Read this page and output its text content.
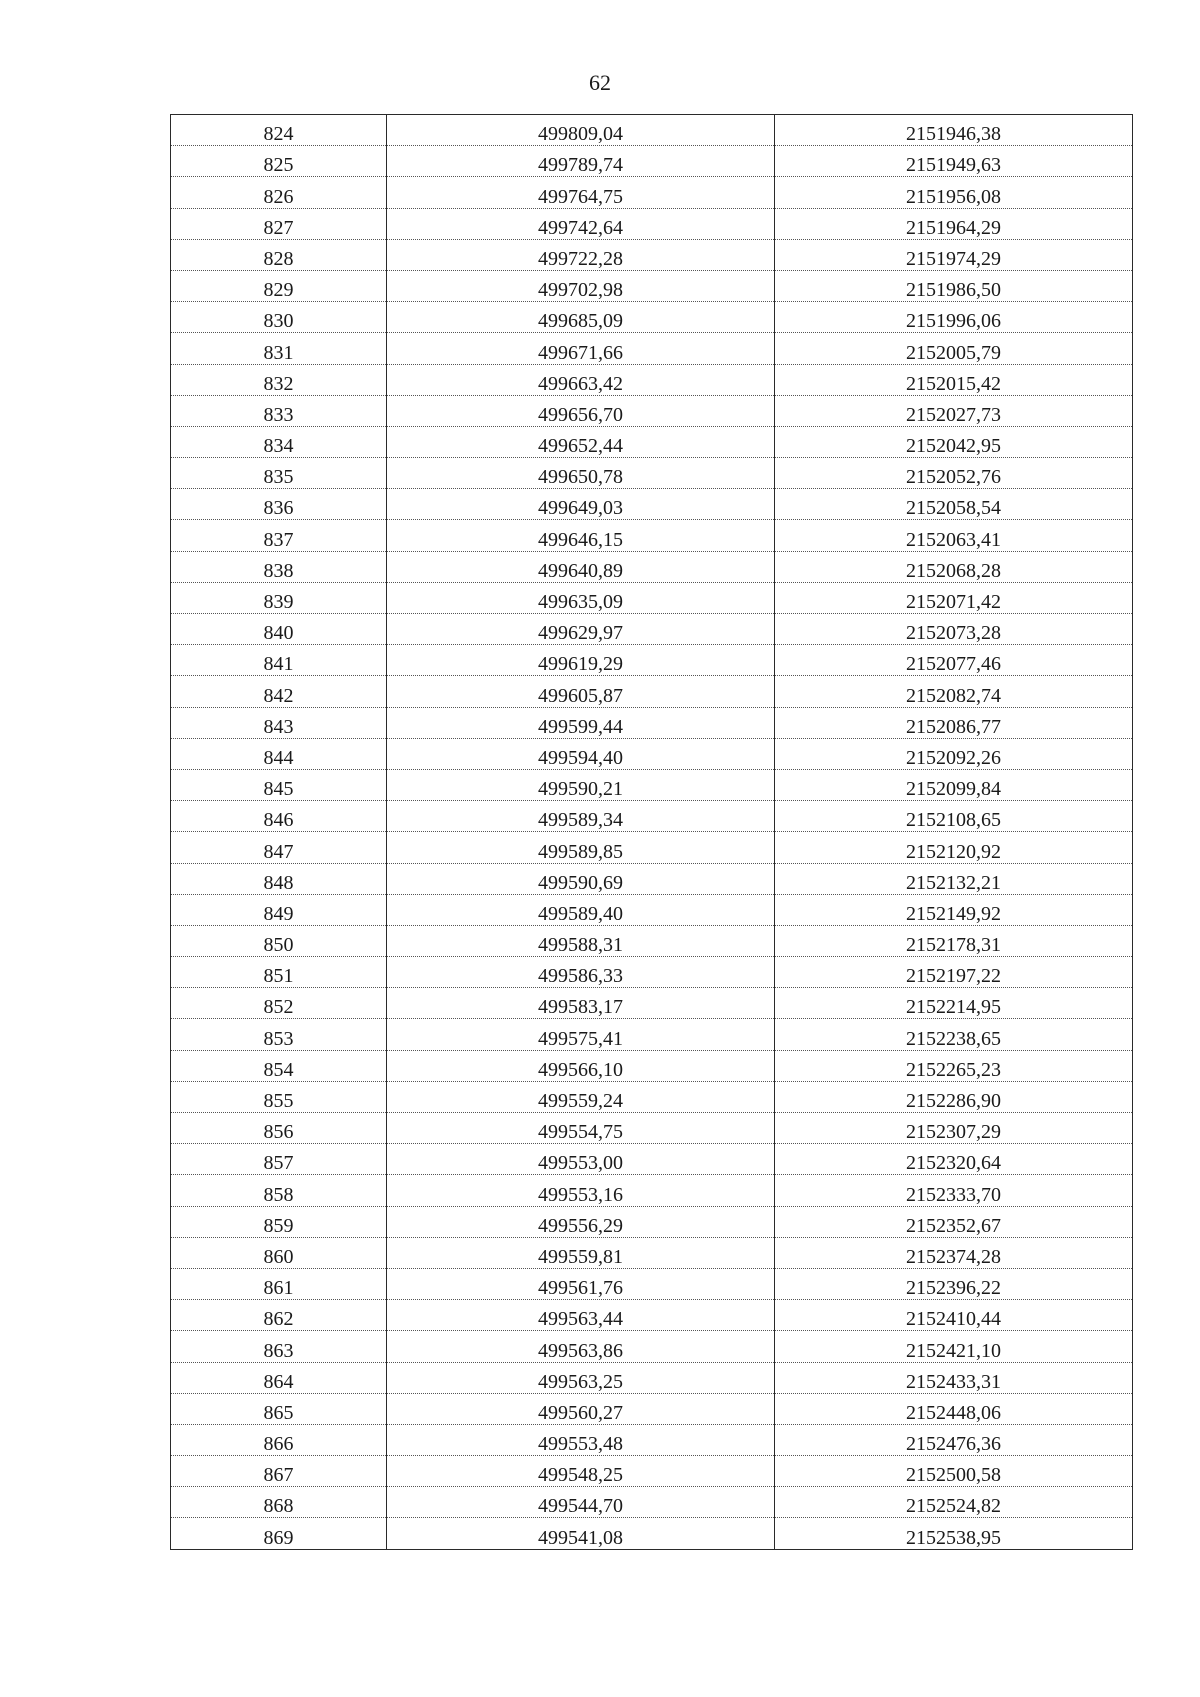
62
824	499809,04	2151946,38
825	499789,74	2151949,63
826	499764,75	2151956,08
827	499742,64	2151964,29
828	499722,28	2151974,29
829	499702,98	2151986,50
830	499685,09	2151996,06
831	499671,66	2152005,79
832	499663,42	2152015,42
833	499656,70	2152027,73
834	499652,44	2152042,95
835	499650,78	2152052,76
836	499649,03	2152058,54
837	499646,15	2152063,41
838	499640,89	2152068,28
839	499635,09	2152071,42
840	499629,97	2152073,28
841	499619,29	2152077,46
842	499605,87	2152082,74
843	499599,44	2152086,77
844	499594,40	2152092,26
845	499590,21	2152099,84
846	499589,34	2152108,65
847	499589,85	2152120,92
848	499590,69	2152132,21
849	499589,40	2152149,92
850	499588,31	2152178,31
851	499586,33	2152197,22
852	499583,17	2152214,95
853	499575,41	2152238,65
854	499566,10	2152265,23
855	499559,24	2152286,90
856	499554,75	2152307,29
857	499553,00	2152320,64
858	499553,16	2152333,70
859	499556,29	2152352,67
860	499559,81	2152374,28
861	499561,76	2152396,22
862	499563,44	2152410,44
863	499563,86	2152421,10
864	499563,25	2152433,31
865	499560,27	2152448,06
866	499553,48	2152476,36
867	499548,25	2152500,58
868	499544,70	2152524,82
869	499541,08	2152538,95
